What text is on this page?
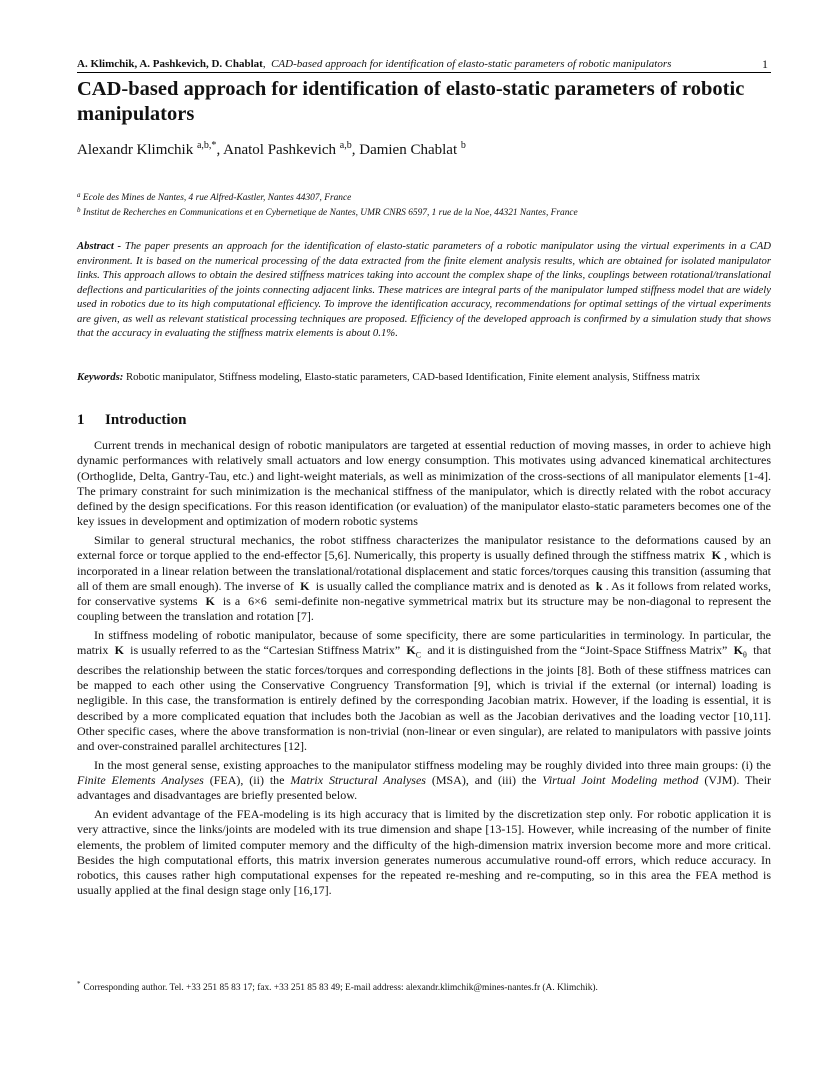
A. Klimchik, A. Pashkevich, D. Chablat,  CAD-based approach for identification of elasto-static parameters of robotic manipulators	1
CAD-based approach for identification of elasto-static parameters of robotic manipulators
Alexandr Klimchik $^{a,b,*}$, Anatol Pashkevich $^{a,b}$, Damien Chablat $^b$
$^a$ Ecole des Mines de Nantes, 4 rue Alfred-Kastler, Nantes 44307, France
$^b$ Institut de Recherches en Communications et en Cybernetique de Nantes, UMR CNRS 6597, 1 rue de la Noe, 44321 Nantes, France

Abstract - The paper presents an approach for the identification of elasto-static parameters of a robotic manipulator using the virtual experiments in a CAD environment. It is based on the numerical processing of the data extracted from the finite element analysis results, which are obtained for isolated manipulator links. This approach allows to obtain the desired stiffness matrices taking into account the complex shape of the links, couplings between rotational/translational deflections and particularities of the joints connecting adjacent links. These matrices are integral parts of the manipulator lumped stiffness model that are widely used in robotics due to its high computational efficiency. To improve the identification accuracy, recommendations for optimal settings of the virtual experiments are given, as well as relevant statistical processing techniques are proposed. Efficiency of the developed approach is confirmed by a simulation study that shows that the accuracy in evaluating the stiffness matrix elements is about 0.1%.

Keywords: Robotic manipulator, Stiffness modeling, Elasto-static parameters, CAD-based Identification, Finite element analysis, Stiffness matrix

1 Introduction

Current trends in mechanical design of robotic manipulators are targeted at essential reduction of moving masses, in order to achieve high dynamic performances with relatively small actuators and low energy consumption. This motivates using advanced kinematical architectures (Orthoglide, Delta, Gantry-Tau, etc.) and light-weight materials, as well as minimization of the cross-sections of all manipulator elements [1-4]. The primary constraint for such minimization is the mechanical stiffness of the manipulator, which is directly related with the robot accuracy defined by the design specifications. For this reason identification (or evaluation) of the manipulator elasto-static parameters becomes one of the key issues in development and optimization of modern robotic systems

Similar to general structural mechanics, the robot stiffness characterizes the manipulator resistance to the deformations caused by an external force or torque applied to the end-effector [5,6]. Numerically, this property is usually defined through the stiffness matrix K , which is incorporated in a linear relation between the translational/rotational displacement and static forces/torques causing this transition (assuming that all of them are small enough). The inverse of K is usually called the compliance matrix and is denoted as k . As it follows from related works, for conservative systems K is a 6×6 semi-definite non-negative symmetrical matrix but its structure may be non-diagonal to represent the coupling between the translation and rotation [7].

In stiffness modeling of robotic manipulator, because of some specificity, there are some particularities in terminology. In particular, the matrix K is usually referred to as the “Cartesian Stiffness Matrix” $K_C$ and it is distinguished from the “Joint-Space Stiffness Matrix” $K_\theta$ that describes the relationship between the static forces/torques and corresponding deflections in the joints [8]. Both of these stiffness matrices can be mapped to each other using the Conservative Congruency Transformation [9], which is trivial if the external (or internal) loading is negligible. In this case, the transformation is entirely defined by the corresponding Jacobian matrix. However, if the loading is essential, it is described by a more complicated equation that includes both the Jacobian as well as the Jacobian derivatives and the loading vector [10,11]. Other specific cases, where the above transformation is non-trivial (non-linear or even singular), are related to manipulators with passive joints and over-constrained parallel architectures [12].

In the most general sense, existing approaches to the manipulator stiffness modeling may be roughly divided into three main groups: (i) the Finite Elements Analyses (FEA), (ii) the Matrix Structural Analyses (MSA), and (iii) the Virtual Joint Modeling method (VJM). Their advantages and disadvantages are briefly presented below.

An evident advantage of the FEA-modeling is its high accuracy that is limited by the discretization step only. For robotic application it is very attractive, since the links/joints are modeled with its true dimension and shape [13-15]. However, while increasing of the number of finite elements, the problem of limited computer memory and the difficulty of the high-dimension matrix inversion become more and more critical. Besides the high computational efforts, this matrix inversion generates numerous accumulative round-off errors, which reduce accuracy. In robotics, this causes rather high computational expenses for the repeated re-meshing and re-computing, so in this area the FEA method is usually applied at the final design stage only [16,17].

* Corresponding author. Tel. +33 251 85 83 17; fax. +33 251 85 83 49; E-mail address: alexandr.klimchik@mines-nantes.fr (A. Klimchik).
